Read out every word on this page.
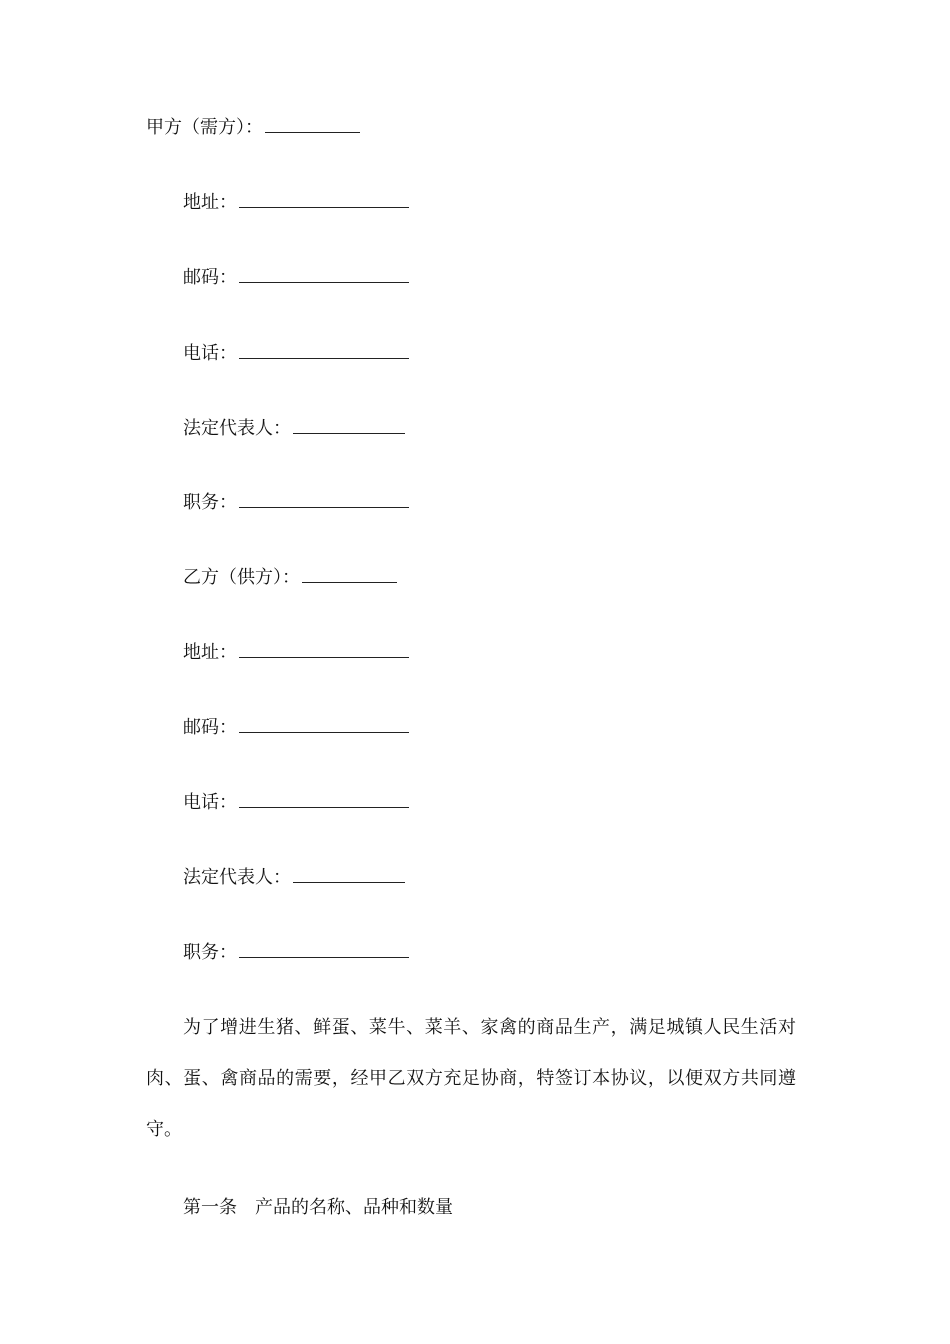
甲方（需方）：
地址：
邮码：
电话：
法定代表人：
职务：
乙方（供方）：
地址：
邮码：
电话：
法定代表人：
职务：

为了增进生猪、鲜蛋、菜牛、菜羊、家禽的商品生产，满足城镇人民生活对肉、蛋、禽商品的需要，经甲乙双方充足协商，特签订本协议，以便双方共同遵守。

第一条 产品的名称、品种和数量
